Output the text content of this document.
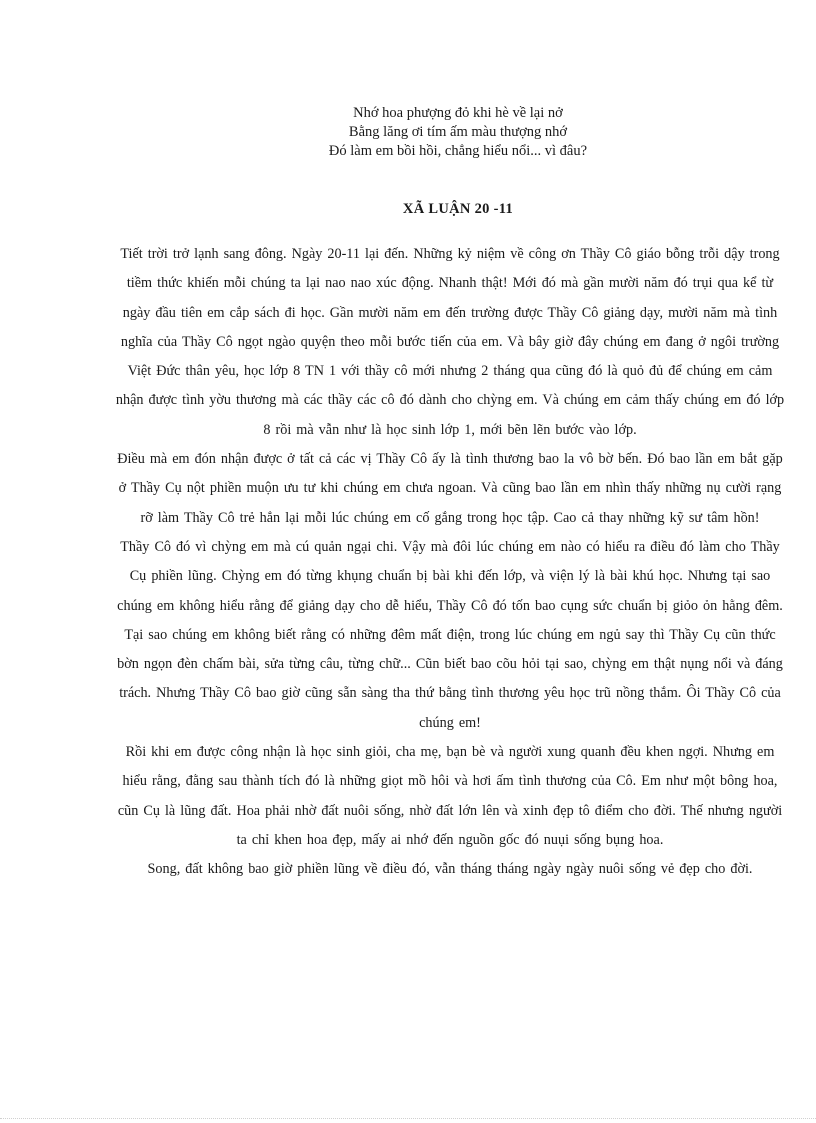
Nhớ hoa phượng đỏ khi hè về lại nở
Bằng lăng ơi tím ấm màu thượng nhớ
Đó làm em bồi hồi, chẳng hiểu nổi... vì đâu?
XÃ LUẬN 20 -11

Tiết trời trở lạnh sang đông. Ngày 20-11 lại đến. Những kỷ niệm về công ơn Thầy Cô giáo bỗng trỗi dậy trong tiềm thức khiến mỗi chúng ta lại nao nao xúc động. Nhanh thật! Mới đó mà gần mười năm đó trụi qua kể từ ngày đầu tiên em cắp sách đi học. Gần mười năm em đến trường được Thầy Cô giảng dạy, mười năm mà tình nghĩa của Thầy Cô ngọt ngào quyện theo mỗi bước tiến của em. Và bây giờ đây chúng em đang ở ngôi trường Việt Đức thân yêu, học lớp 8 TN 1 với thầy cô mới nhưng 2 tháng qua cũng đó là quỏ đủ để chúng em cảm nhận được tình yờu thương mà các thầy các cô đó dành cho chỳng em. Và chúng em cảm thấy chúng em đó lớp 8 rồi mà vẫn như là học sinh lớp 1, mới bẽn lẽn bước vào lớp.

Điều mà em đón nhận được ở tất cả các vị Thầy Cô ấy là tình thương bao la vô bờ bến. Đó bao lần em bắt gặp ở Thầy Cụ nột phiền muộn ưu tư khi chúng em chưa ngoan. Và cũng bao lần em nhìn thấy những nụ cười rạng rỡ làm Thầy Cô trẻ hẳn lại mỗi lúc chúng em cố gắng trong học tập. Cao cả thay những kỹ sư tâm hồn!

Thầy Cô đó vì chỳng em mà cú quản ngại chi. Vậy mà đôi lúc chúng em nào có hiểu ra điều đó làm cho Thầy Cụ phiền lũng. Chỳng em đó từng khụng chuẩn bị bài khi đến lớp, và viện lý là bài khú học. Nhưng tại sao chúng em không hiểu rằng để giảng dạy cho dễ hiểu, Thầy Cô đó tốn bao cụng sức chuẩn bị giỏo ỏn hằng đêm.

Tại sao chúng em không biết rằng có những đêm mất điện, trong lúc chúng em ngủ say thì Thầy Cụ cũn thức bờn ngọn đèn chấm bài, sửa từng câu, từng chữ... Cũn biết bao cõu hỏi tại sao, chỳng em thật nụng nổi và đáng trách. Nhưng Thầy Cô bao giờ cũng sẵn sàng tha thứ bằng tình thương yêu học trũ nồng thắm. Ôi Thầy Cô của chúng em!

Rồi khi em được công nhận là học sinh giỏi, cha mẹ, bạn bè và người xung quanh đều khen ngợi. Nhưng em hiểu rằng, đằng sau thành tích đó là những giọt mồ hôi và hơi ấm tình thương của Cô. Em như một bông hoa, cũn Cụ là lũng đất. Hoa phải nhờ đất nuôi sống, nhờ đất lớn lên và xinh đẹp tô điểm cho đời. Thế nhưng người ta chỉ khen hoa đẹp, mấy ai nhớ đến nguồn gốc đó nuụi sống bụng hoa.

Song, đất không bao giờ phiền lũng về điều đó, vẫn tháng tháng ngày ngày nuôi sống vẻ đẹp cho đời.
